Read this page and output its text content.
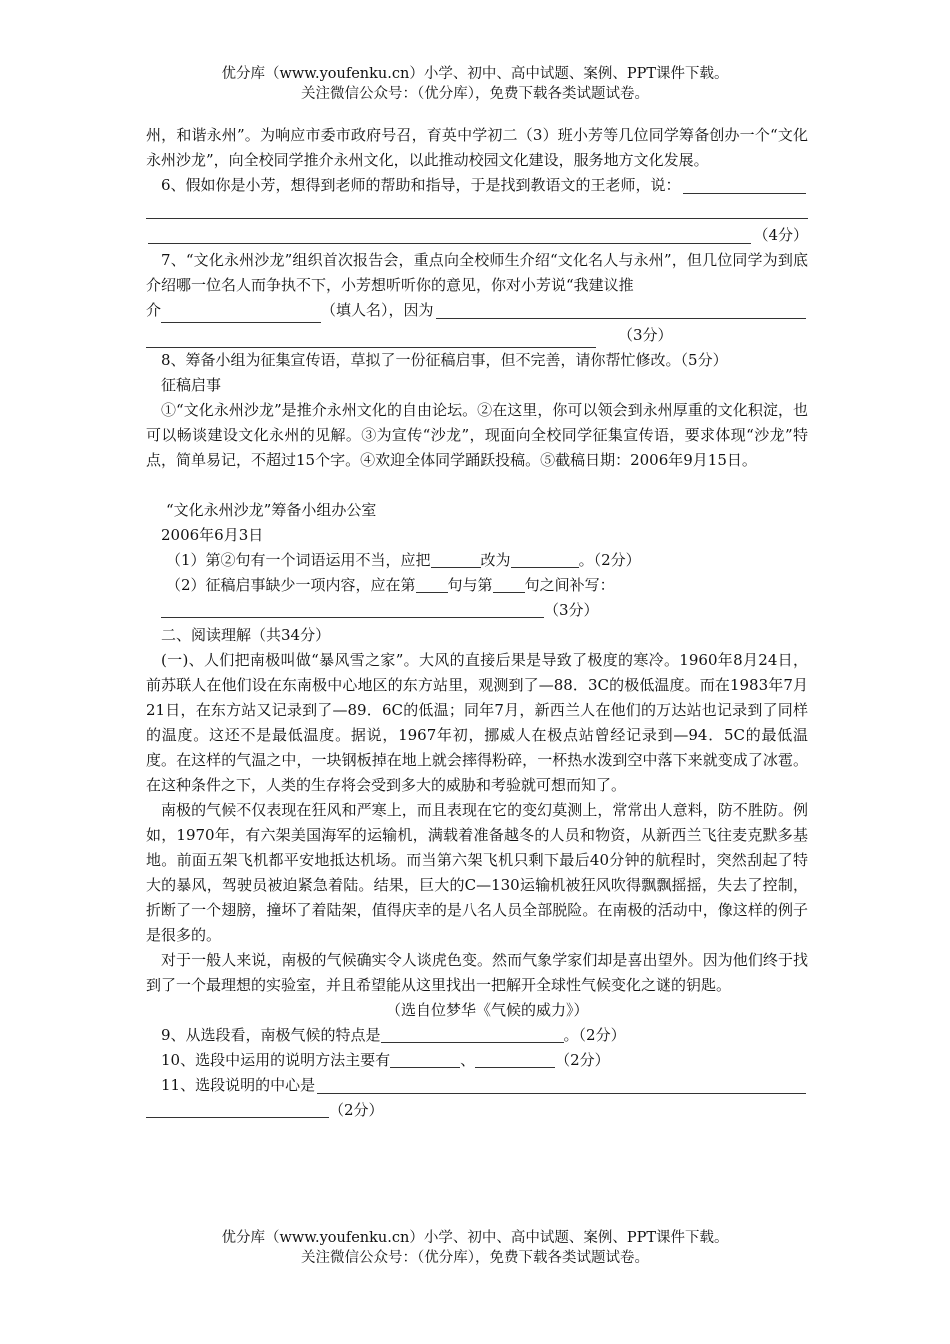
优分库（www.youfenku.cn）小学、初中、高中试题、案例、PPT课件下载。
关注微信公众号：（优分库），免费下载各类试题试卷。

州，和谐永州”。为响应市委市政府号召，育英中学初二（3）班小芳等几位同学筹备创办一个“文化永州沙龙”，向全校同学推介永州文化，以此推动校园文化建设，服务地方文化发展。

6、假如你是小芳，想得到老师的帮助和指导，于是找到教语文的王老师，说：
（4分）

7、“文化永州沙龙”组织首次报告会，重点向全校师生介绍“文化名人与永州”，但几位同学为到底介绍哪一位名人而争执不下，小芳想听听你的意见，你对小芳说“我建议推

介	（填人名），因为
（3分）

8、筹备小组为征集宣传语，草拟了一份征稿启事，但不完善，请你帮忙修改。（5分）

征稿启事

①“文化永州沙龙”是推介永州文化的自由论坛。②在这里，你可以领会到永州厚重的文化积淀，也可以畅谈建设文化永州的见解。③为宣传“沙龙”，现面向全校同学征集宣传语，要求体现“沙龙”特点，简单易记，不超过15个字。④欢迎全体同学踊跃投稿。⑤截稿日期：2006年9月15日。

“文化永州沙龙”筹备小组办公室

2006年6月3日

（1）第②句有一个词语运用不当，应把	改为	。（2分）
（2）征稿启事缺少一项内容，应在第 句与第 句之间补写：
（3分）

二、阅读理解（共34分）

(一)、人们把南极叫做“暴风雪之家”。大风的直接后果是导致了极度的寒冷。1960年8月24日，前苏联人在他们设在东南极中心地区的东方站里，观测到了—88．3C的极低温度。而在1983年7月21日，在东方站又记录到了—89．6C的低温；同年7月，新西兰人在他们的万达站也记录到了同样的温度。这还不是最低温度。据说，1967年初，挪威人在极点站曾经记录到—94．5C的最低温度。在这样的气温之中，一块钢板掉在地上就会摔得粉碎，一杯热水泼到空中落下来就变成了冰雹。在这种条件之下，人类的生存将会受到多大的威胁和考验就可想而知了。

南极的气候不仅表现在狂风和严寒上，而且表现在它的变幻莫测上，常常出人意料，防不胜防。例如，1970年，有六架美国海军的运输机，满载着准备越冬的人员和物资，从新西兰飞往麦克默多基地。前面五架飞机都平安地抵达机场。而当第六架飞机只剩下最后40分钟的航程时，突然刮起了特大的暴风，驾驶员被迫紧急着陆。结果，巨大的C—130运输机被狂风吹得飘飘摇摇，失去了控制，折断了一个翅膀，撞坏了着陆架，值得庆幸的是八名人员全部脱险。在南极的活动中，像这样的例子是很多的。

对于一般人来说，南极的气候确实令人谈虎色变。然而气象学家们却是喜出望外。因为他们终于找到了一个最理想的实验室，并且希望能从这里找出一把解开全球性气候变化之谜的钥匙。

（选自位梦华《气候的威力》）

9、从选段看，南极气候的特点是	。（2分）
10、选段中运用的说明方法主要有	、	（2分）
11、选段说明的中心是
（2分）
优分库（www.youfenku.cn）小学、初中、高中试题、案例、PPT课件下载。
关注微信公众号：（优分库），免费下载各类试题试卷。
